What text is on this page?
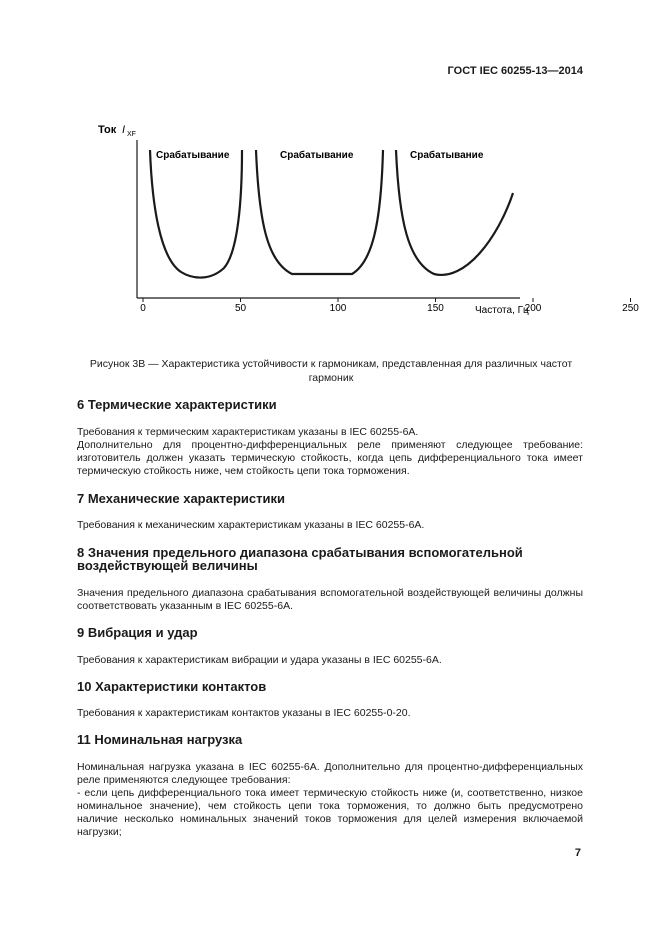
ГОСТ IEC 60255-13—2014
0	50	100	150	200	250
Ток I XF
Частота, Гц
Срабатывание	Срабатывание	Срабатывание
Рисунок 3В — Характеристика устойчивости к гармоникам, представленная для различных частот
гармоник
6 Термические характеристики
Требования к термическим характеристикам указаны в IEC 60255-6A.
Дополнительно для процентно-дифференциальных реле применяют следующее требование: изготовитель должен указать термическую стойкость, когда цепь дифференциального тока имеет термическую стойкость ниже, чем стойкость цепи тока торможения.
7 Механические характеристики
Требования к механическим характеристикам указаны в IEC 60255-6A.
8 Значения предельного диапазона срабатывания вспомогательной
воздействующей величины
Значения предельного диапазона срабатывания вспомогательной воздействующей величины должны соответствовать указанным в IEC 60255-6A.
9 Вибрация и удар
Требования к характеристикам вибрации и удара указаны в IEC 60255-6A.
10 Характеристики контактов
Требования к характеристикам контактов указаны в IEC 60255-0-20.
11 Номинальная нагрузка
Номинальная нагрузка указана в IEC 60255-6A. Дополнительно для процентно-дифференциальных реле применяются следующее требования:
- если цепь дифференциального тока имеет термическую стойкость ниже (и, соответственно, низкое номинальное значение), чем стойкость цепи тока торможения, то должно быть предусмотрено наличие несколько номинальных значений токов торможения для целей измерения включаемой нагрузки;
7
